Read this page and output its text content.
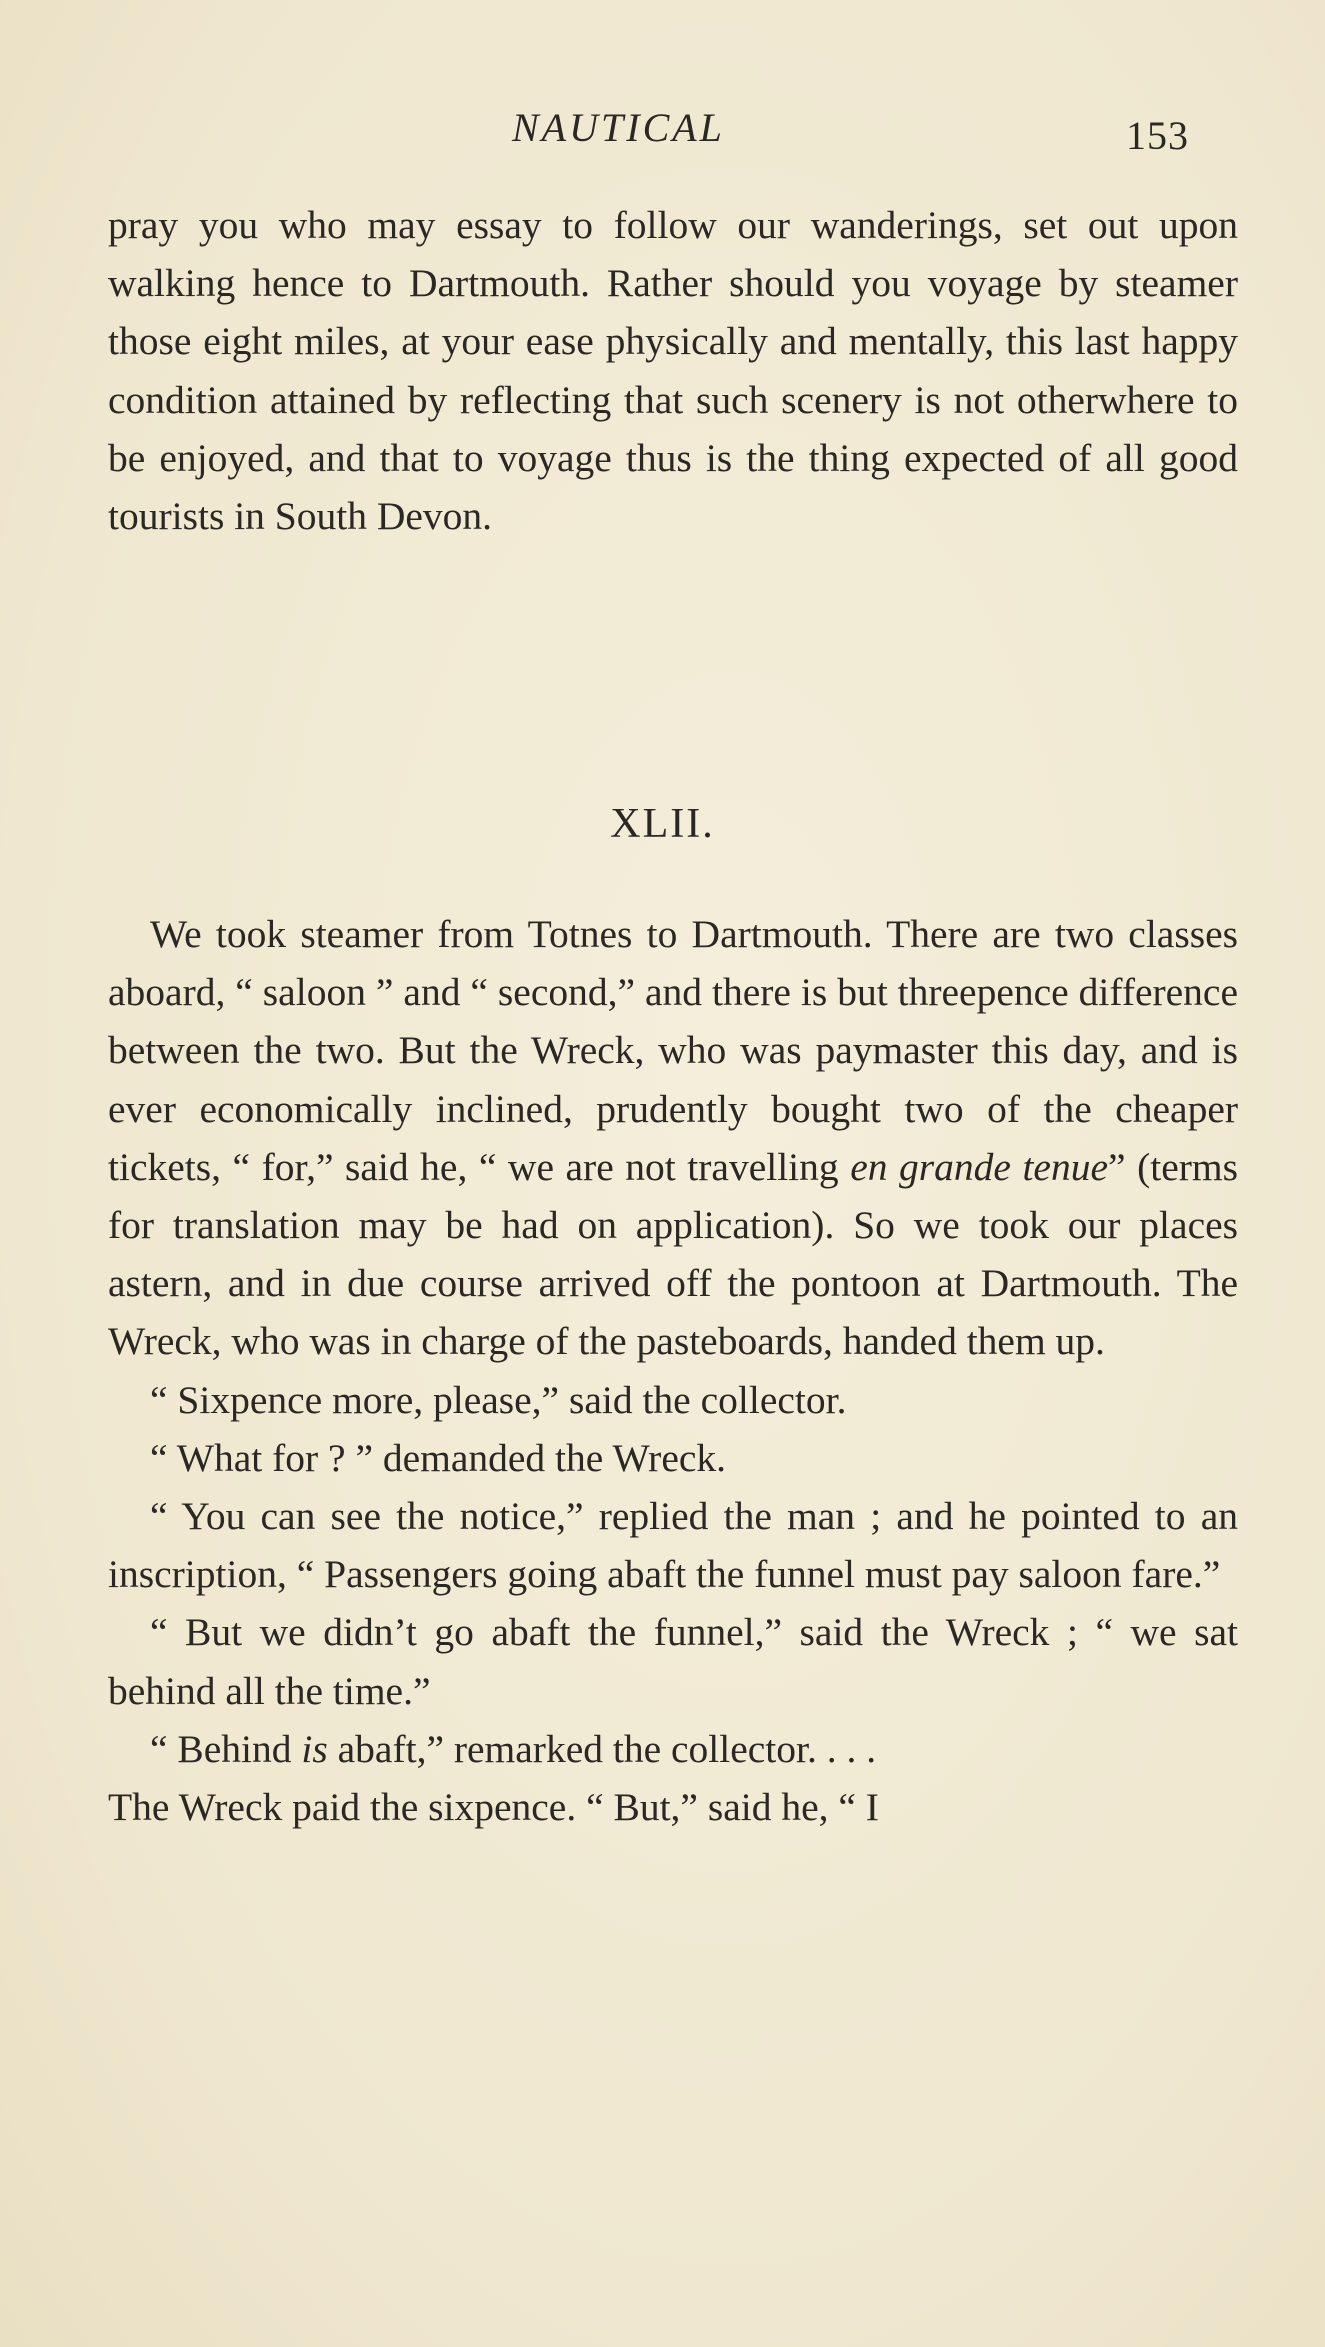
NAUTICAL	153

pray you who may essay to follow our wanderings, set out upon walking hence to Dartmouth. Rather should you voyage by steamer those eight miles, at your ease physically and mentally, this last happy condition attained by reflecting that such scenery is not otherwhere to be enjoyed, and that to voyage thus is the thing expected of all good tourists in South Devon.

XLII.

We took steamer from Totnes to Dartmouth. There are two classes aboard, “ saloon ” and “ second,” and there is but threepence difference between the two. But the Wreck, who was paymaster this day, and is ever economically inclined, prudently bought two of the cheaper tickets, “ for,” said he, “ we are not travelling en grande tenue” (terms for translation may be had on application). So we took our places astern, and in due course arrived off the pontoon at Dartmouth. The Wreck, who was in charge of the pasteboards, handed them up.

“ Sixpence more, please,” said the collector.

“ What for ? ” demanded the Wreck.

“ You can see the notice,” replied the man ; and he pointed to an inscription, “ Passengers going abaft the funnel must pay saloon fare.”

“ But we didn’t go abaft the funnel,” said the Wreck ; “ we sat behind all the time.”

“ Behind is abaft,” remarked the collector. . . .

The Wreck paid the sixpence. “ But,” said he, “ I
